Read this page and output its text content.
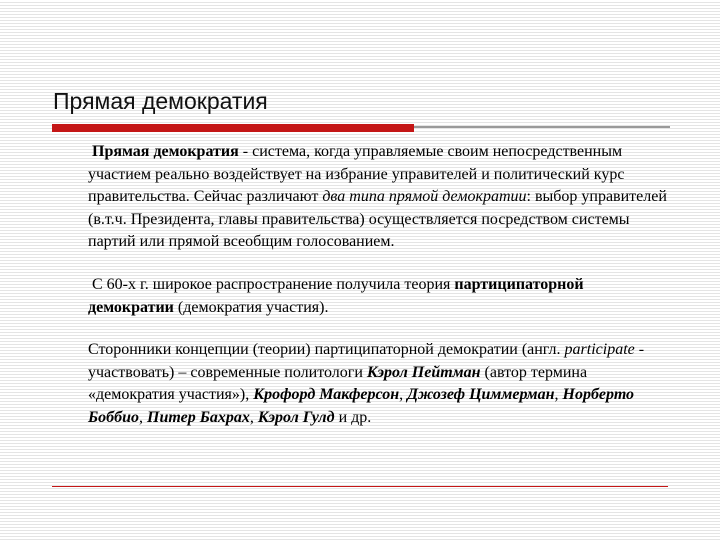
Прямая демократия

Прямая демократия - система, когда управляемые своим непосредственным участием реально воздействует на избрание управителей и политический курс правительства. Сейчас различают два типа прямой демократии: выбор управителей (в.т.ч. Президента, главы правительства) осуществляется посредством системы партий или прямой всеобщим голосованием.

С 60-х г. широкое распространение получила теория партиципаторной демократии (демократия участия).

Сторонники концепции (теории) партиципаторной демократии (англ. participate - участвовать) – современные политологи Кэрол Пейтман (автор термина «демократия участия»), Крофорд Макферсон, Джозеф Циммерман, Норберто Боббио, Питер Бахрах, Кэрол Гулд и др.
